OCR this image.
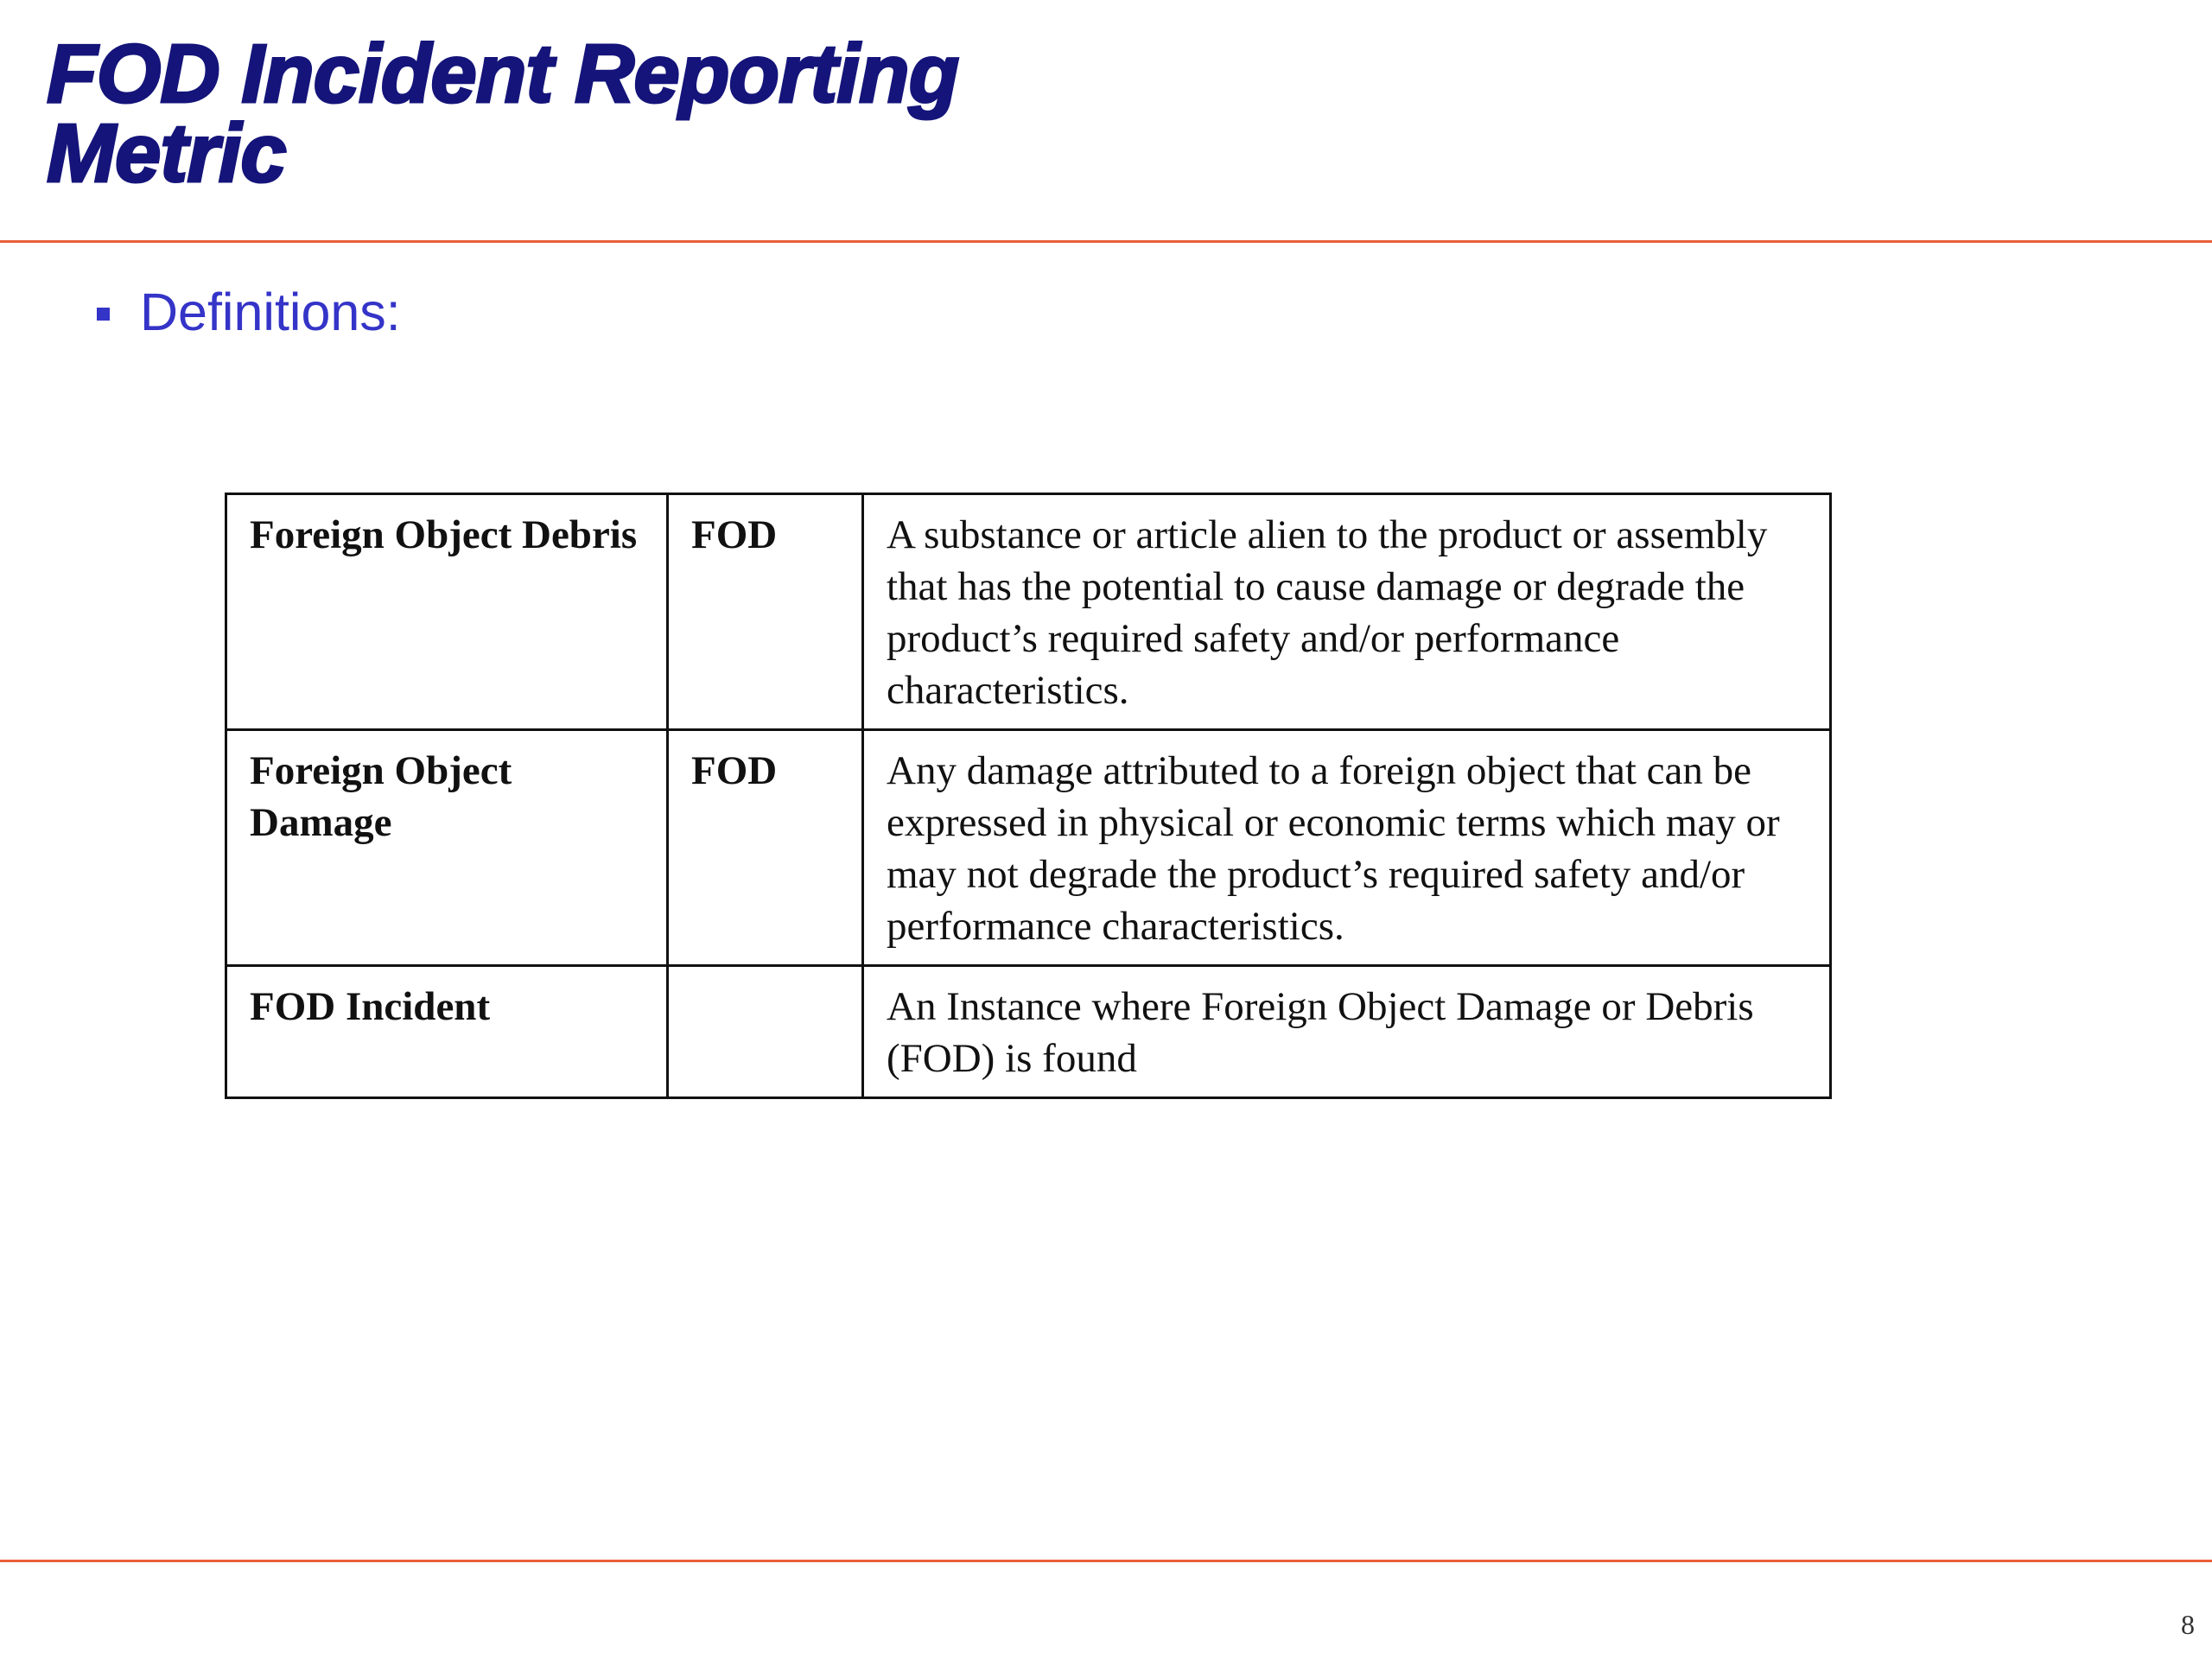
FOD Incident Reporting
Metric
Definitions:
Foreign Object Debris	FOD	A substance or article alien to the product or assembly that has the potential to cause damage or degrade the product’s required safety and/or performance characteristics.
Foreign Object Damage	FOD	Any damage attributed to a foreign object that can be expressed in physical or economic terms which may or may not degrade the product’s required safety and/or performance characteristics.
FOD Incident		An Instance where Foreign Object Damage or Debris (FOD) is found
8
